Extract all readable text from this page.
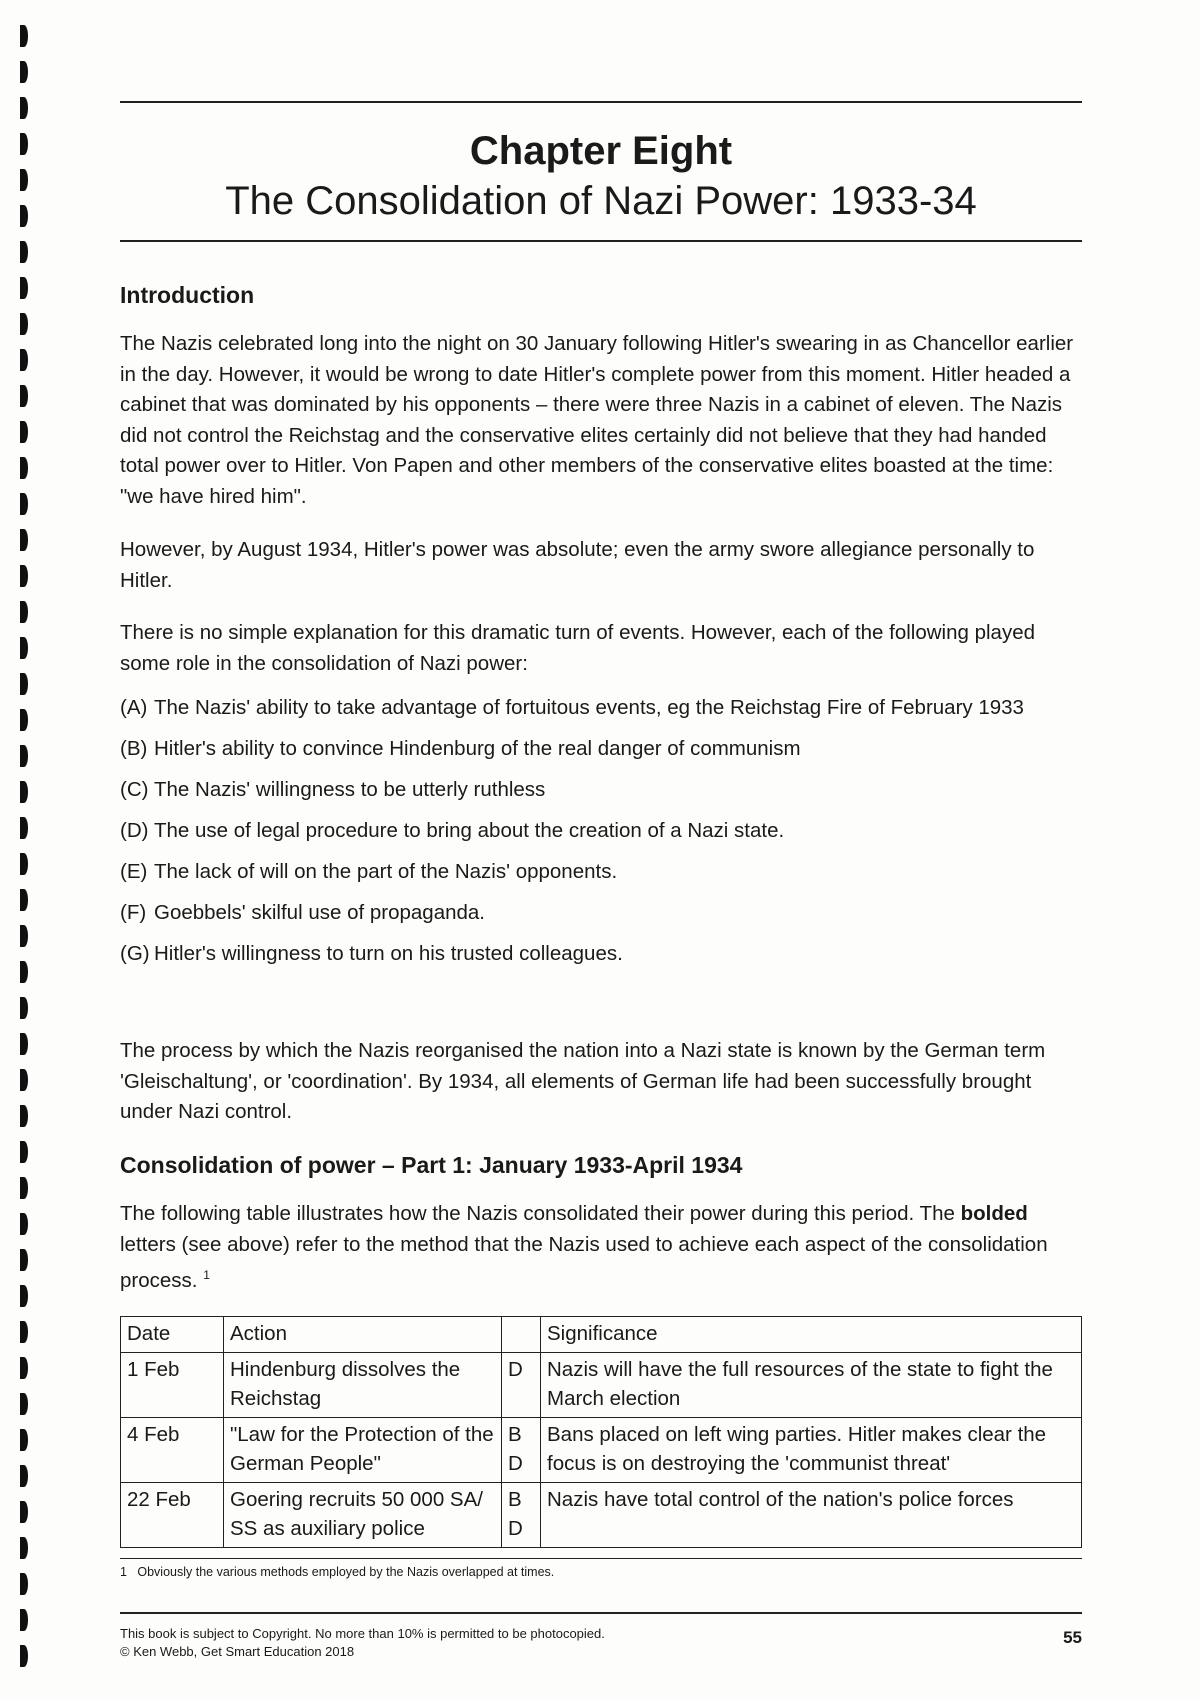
Chapter Eight
The Consolidation of Nazi Power: 1933-34
Introduction

The Nazis celebrated long into the night on 30 January following Hitler's swearing in as Chancellor earlier in the day. However, it would be wrong to date Hitler's complete power from this moment. Hitler headed a cabinet that was dominated by his opponents – there were three Nazis in a cabinet of eleven. The Nazis did not control the Reichstag and the conservative elites certainly did not believe that they had handed total power over to Hitler. Von Papen and other members of the conservative elites boasted at the time: "we have hired him".

However, by August 1934, Hitler's power was absolute; even the army swore allegiance personally to Hitler.

There is no simple explanation for this dramatic turn of events. However, each of the following played some role in the consolidation of Nazi power:

(A) The Nazis' ability to take advantage of fortuitous events, eg the Reichstag Fire of February 1933
(B) Hitler's ability to convince Hindenburg of the real danger of communism
(C) The Nazis' willingness to be utterly ruthless
(D) The use of legal procedure to bring about the creation of a Nazi state.
(E) The lack of will on the part of the Nazis' opponents.
(F) Goebbels' skilful use of propaganda.
(G) Hitler's willingness to turn on his trusted colleagues.

The process by which the Nazis reorganised the nation into a Nazi state is known by the German term 'Gleischaltung', or 'coordination'. By 1934, all elements of German life had been successfully brought under Nazi control.

Consolidation of power – Part 1: January 1933-April 1934

The following table illustrates how the Nazis consolidated their power during this period. The bolded letters (see above) refer to the method that the Nazis used to achieve each aspect of the consolidation process. $^1$

Date	Action		Significance
1 Feb	Hindenburg dissolves the Reichstag	D	Nazis will have the full resources of the state to fight the March election
4 Feb	"Law for the Protection of the German People"	B
D	Bans placed on left wing parties. Hitler makes clear the focus is on destroying the 'communist threat'
22 Feb	Goering recruits 50 000 SA/ SS as auxiliary police	B
D	Nazis have total control of the nation's police forces
1 Obviously the various methods employed by the Nazis overlapped at times.
This book is subject to Copyright. No more than 10% is permitted to be photocopied.
© Ken Webb, Get Smart Education 2018
55
